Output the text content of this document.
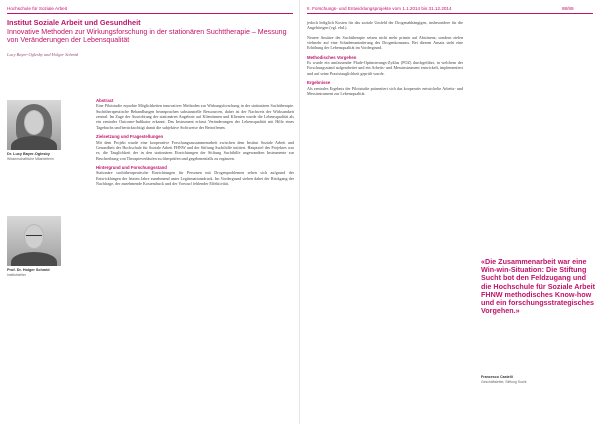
Hochschule für Soziale Arbeit
Institut Soziale Arbeit und Gesundheit
Innovative Methoden zur Wirkungsforschung in der stationären Suchttherapie – Messung von Veränderungen der Lebensqualität
Lucy Bayer-Oglesby und Holger Schmid
Dr. Lucy Bayer-Oglesby
Wissenschaftliche Mitarbeiterin
Prof. Dr. Holger Schmid
Institutsleiter
Abstract
Eine Pilotstudie erprobte Möglichkeiten innovativer Methoden zur Wirkungsforschung in der stationären Suchttherapie. Suchttherapeutische Behandlungen beanspruchen substanzielle Ressourcen, daher ist der Nachweis der Wirksamkeit zentral. Im Zuge der Ausrichtung der stationären Angebote auf Klientinnen und Klienten wurde die Lebensqualität als ein zentraler Outcome-Indikator erkannt. Das Instrument erfasst Veränderungen der Lebensqualität mit Hilfe eines Tagebuchs und berücksichtigt damit die subjektive Sichtweise der Betroffenen.
Zielsetzung und Fragestellungen
Mit dem Projekt wurde eine kooperative Forschungszusammenarbeit zwischen dem Institut Soziale Arbeit und Gesundheit der Hochschule für Soziale Arbeit FHNW und der Stiftung Suchthilfe initiiert. Hauptziel des Projektes war es, die Tauglichkeit der in den stationären Einrichtungen der Stiftung Suchthilfe angewandten Instrumente zur Beschreibung von Therapieverläufen zu überprüfen und gegebenenfalls zu ergänzen.
Hintergrund und Forschungsstand
Stationäre suchttherapeutische Einrichtungen für Personen mit Drogenproblemen sehen sich aufgrund der Entwicklungen der letzten Jahre zunehmend unter Legitimationsdruck. Im Vordergrund stehen dabei der Rückgang der Nachfrage, der zunehmende Kostendruck und der Vorwurf fehlender Effektivität.
II. Forschungs- und Entwicklungsprojekte vom 1.1.2014 bis 31.12.2014	88/89
jedoch lediglich Kosten für das soziale Umfeld der Drogenabhängigen, insbesondere für die Angehörigen (vgl. ebd.).
Neuere Ansätze der Suchttherapie setzen nicht mehr primär auf Abstinenz, sondern zielen vielmehr auf eine Schadensminderung des Drogenkonsums. Bei diesem Ansatz steht eine Erhöhung der Lebensqualität im Vordergrund.
Methodisches Vorgehen
Es wurde ein umfassender Pfade-Optimierungs-Zyklus (POZ) durchgeführt, in welchem der Forschungsstand aufgearbeitet und ein Arbeits- und Messinstrument entwickelt, implementiert und auf seine Praxistauglichkeit geprüft wurde.
Ergebnisse
Als zentrales Ergebnis der Pilotstudie präsentiert sich das kooperativ entwickelte Arbeits- und Messinstrument zur Lebensqualität.
«Die Zusammenarbeit war eine Win-win-Situation: Die Stiftung Sucht bot den Feldzugang und die Hochschule für Soziale Arbeit FHNW methodisches Know-how und ein forschungsstrategisches Vorgehen.»
Francesco Castelli
Geschäftsleiter, Stiftung Sucht
